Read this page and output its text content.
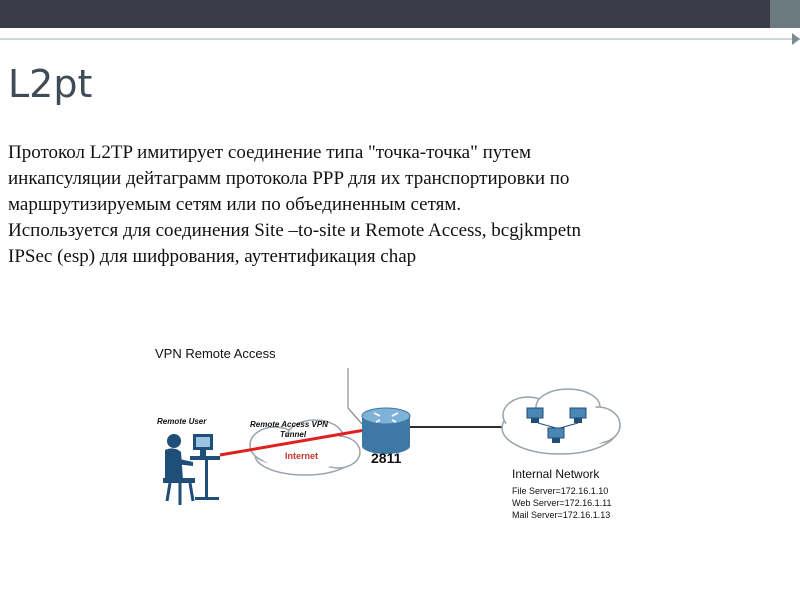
L2pt
Протокол L2TP имитирует соединение типа "точка-точка" путем
инкапсуляции дейтаграмм протокола PPP для их транспортировки по
маршрутизируемым сетям или по объединенным сетям.
Используется для соединения Site –to-site и Remote Access, bcgjkmpetn
IPSec (esp) для шифрования, аутентификация chap
VPN Remote Access
Internet
Remote Access VPN
Tunnel
2811
Remote User
Internal Network
File Server=172.16.1.10
Web Server=172.16.1.11
Mail Server=172.16.1.13
